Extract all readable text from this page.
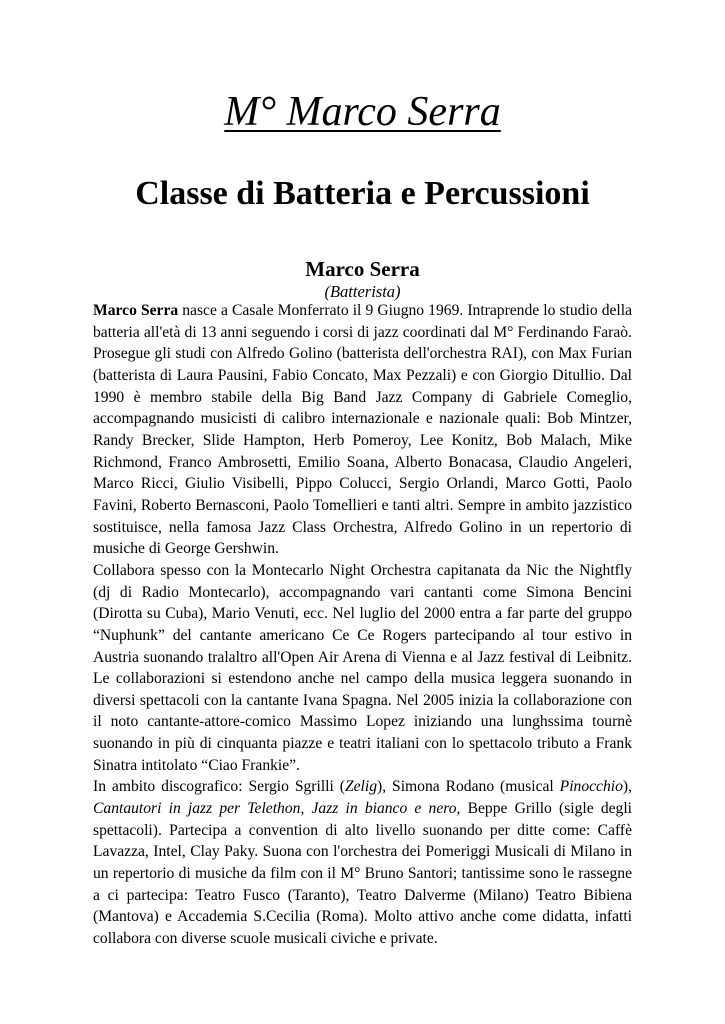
M° Marco Serra
Classe di Batteria e Percussioni
Marco Serra
(Batterista)

Marco Serra nasce a Casale Monferrato il 9 Giugno 1969. Intraprende lo studio della batteria all'età di 13 anni seguendo i corsi di jazz coordinati dal M° Ferdinando Faraò. Prosegue gli studi con Alfredo Golino (batterista dell'orchestra RAI), con Max Furian (batterista di Laura Pausini, Fabio Concato, Max Pezzali) e con Giorgio Ditullio. Dal 1990 è membro stabile della Big Band Jazz Company di Gabriele Comeglio, accompagnando musicisti di calibro internazionale e nazionale quali: Bob Mintzer, Randy Brecker, Slide Hampton, Herb Pomeroy, Lee Konitz, Bob Malach, Mike Richmond, Franco Ambrosetti, Emilio Soana, Alberto Bonacasa, Claudio Angeleri, Marco Ricci, Giulio Visibelli, Pippo Colucci, Sergio Orlandi, Marco Gotti, Paolo Favini, Roberto Bernasconi, Paolo Tomellieri e tanti altri. Sempre in ambito jazzistico sostituisce, nella famosa Jazz Class Orchestra, Alfredo Golino in un repertorio di musiche di George Gershwin.

Collabora spesso con la Montecarlo Night Orchestra capitanata da Nic the Nightfly (dj di Radio Montecarlo), accompagnando vari cantanti come Simona Bencini (Dirotta su Cuba), Mario Venuti, ecc. Nel luglio del 2000 entra a far parte del gruppo “Nuphunk” del cantante americano Ce Ce Rogers partecipando al tour estivo in Austria suonando tralaltro all'Open Air Arena di Vienna e al Jazz festival di Leibnitz. Le collaborazioni si estendono anche nel campo della musica leggera suonando in diversi spettacoli con la cantante Ivana Spagna. Nel 2005 inizia la collaborazione con il noto cantante-attore-comico Massimo Lopez iniziando una lunghssima tournè suonando in più di cinquanta piazze e teatri italiani con lo spettacolo tributo a Frank Sinatra intitolato “Ciao Frankie”.

In ambito discografico: Sergio Sgrilli (Zelig), Simona Rodano (musical Pinocchio), Cantautori in jazz per Telethon, Jazz in bianco e nero, Beppe Grillo (sigle degli spettacoli). Partecipa a convention di alto livello suonando per ditte come: Caffè Lavazza, Intel, Clay Paky. Suona con l'orchestra dei Pomeriggi Musicali di Milano in un repertorio di musiche da film con il M° Bruno Santori; tantissime sono le rassegne a ci partecipa: Teatro Fusco (Taranto), Teatro Dalverme (Milano) Teatro Bibiena (Mantova) e Accademia S.Cecilia (Roma). Molto attivo anche come didatta, infatti collabora con diverse scuole musicali civiche e private.
